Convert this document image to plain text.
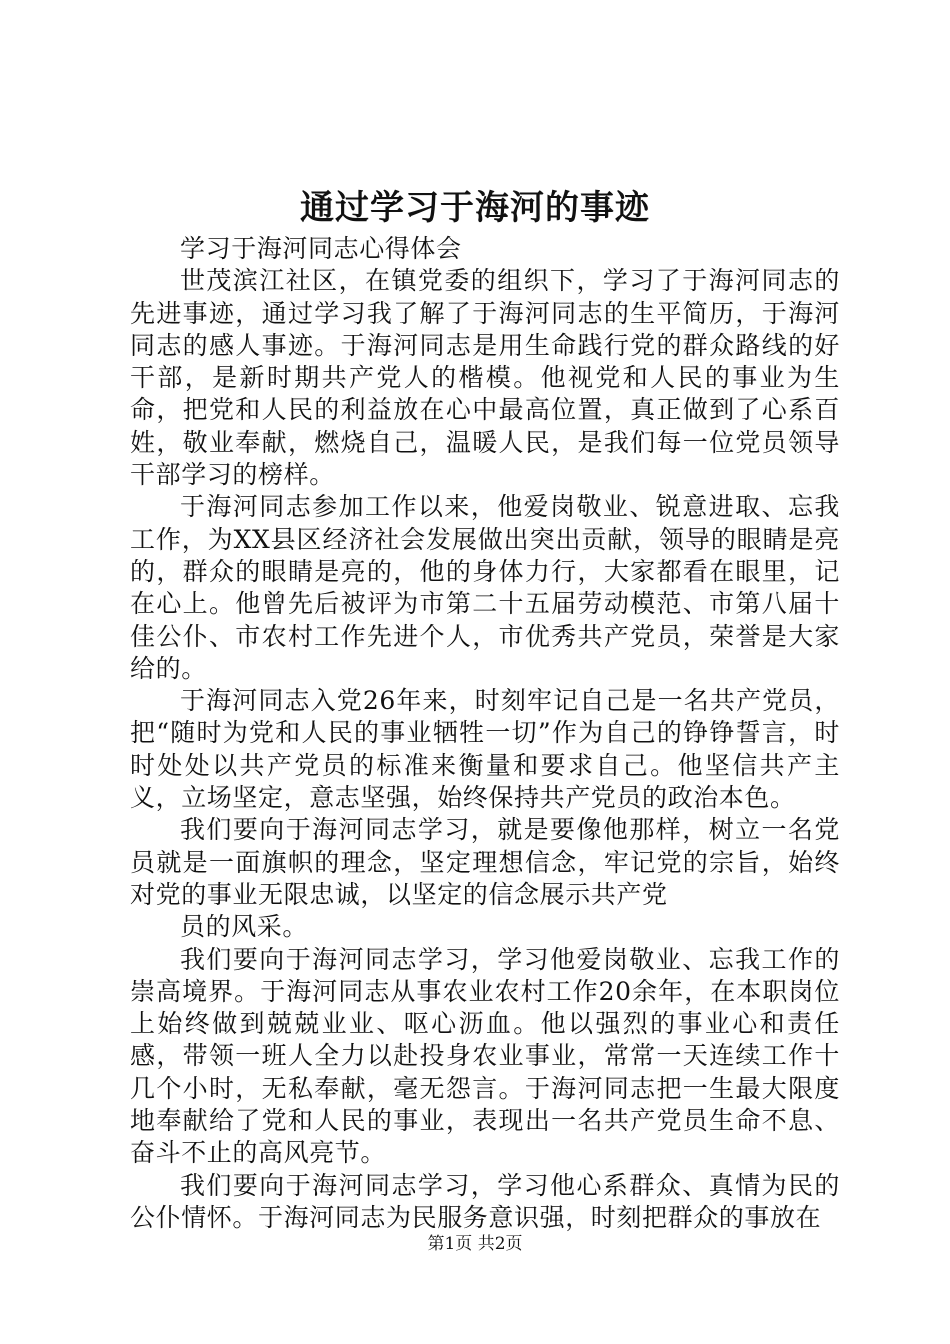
通过学习于海河的事迹

学习于海河同志心得体会

世茂滨江社区，在镇党委的组织下，学习了于海河同志的先进事迹，通过学习我了解了于海河同志的生平简历，于海河同志的感人事迹。于海河同志是用生命践行党的群众路线的好干部，是新时期共产党人的楷模。他视党和人民的事业为生命，把党和人民的利益放在心中最高位置，真正做到了心系百姓，敬业奉献，燃烧自己，温暖人民，是我们每一位党员领导干部学习的榜样。

于海河同志参加工作以来，他爱岗敬业、锐意进取、忘我工作，为XX县区经济社会发展做出突出贡献，领导的眼睛是亮的，群众的眼睛是亮的，他的身体力行，大家都看在眼里，记在心上。他曾先后被评为市第二十五届劳动模范、市第八届十佳公仆、市农村工作先进个人，市优秀共产党员，荣誉是大家给的。

于海河同志入党26年来，时刻牢记自己是一名共产党员，把“随时为党和人民的事业牺牲一切”作为自己的铮铮誓言，时时处处以共产党员的标准来衡量和要求自己。他坚信共产主义，立场坚定，意志坚强，始终保持共产党员的政治本色。

我们要向于海河同志学习，就是要像他那样，树立一名党员就是一面旗帜的理念，坚定理想信念，牢记党的宗旨，始终对党的事业无限忠诚，以坚定的信念展示共产党

员的风采。

我们要向于海河同志学习，学习他爱岗敬业、忘我工作的崇高境界。于海河同志从事农业农村工作20余年，在本职岗位上始终做到兢兢业业、呕心沥血。他以强烈的事业心和责任感，带领一班人全力以赴投身农业事业，常常一天连续工作十几个小时，无私奉献，毫无怨言。于海河同志把一生最大限度地奉献给了党和人民的事业，表现出一名共产党员生命不息、奋斗不止的高风亮节。

我们要向于海河同志学习，学习他心系群众、真情为民的公仆情怀。于海河同志为民服务意识强，时刻把群众的事放在

第1页 共2页
